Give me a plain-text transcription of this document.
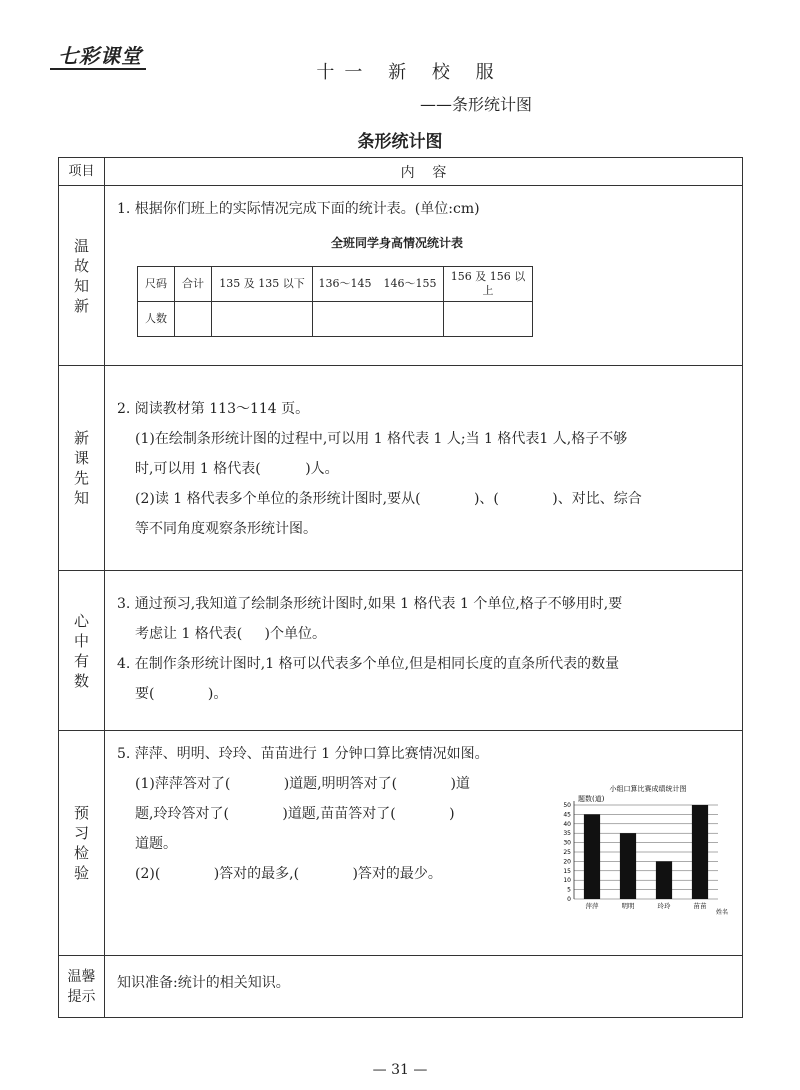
七彩课堂
十一 新 校 服
——条形统计图
条形统计图
项目	内    容
温故知新	
1. 根据你们班上的实际情况完成下面的统计表。(单位:cm)
全班同学身高情况统计表
尺码	合计	135 及 135 以下	136～145	146～155	156 及 156 以上
人数				

新课先知	
2. 阅读教材第 113～114 页。
(1)在绘制条形统计图的过程中,可以用 1 格代表 1 人;当 1 格代表1 人,格子不够
时,可以用 1 格代表(          )人。
(2)读 1 格代表多个单位的条形统计图时,要从(            )、(            )、对比、综合
等不同角度观察条形统计图。

心中有数	
3. 通过预习,我知道了绘制条形统计图时,如果 1 格代表 1 个单位,格子不够用时,要
考虑让 1 格代表(     )个单位。
4. 在制作条形统计图时,1 格可以代表多个单位,但是相同长度的直条所代表的数量
要(            )。

预习检验	
5. 萍萍、明明、玲玲、苗苗进行 1 分钟口算比赛情况如图。
(1)萍萍答对了(            )道题,明明答对了(            )道
题,玲玲答对了(            )道题,苗苗答对了(            )
道题。
(2)(            )答对的最多,(            )答对的最少。
小组口算比赛成绩统计图
题数(道)
姓名
0
5
10
15
20
25
30
35
40
45
50
萍萍	明明	玲玲	苗苗

温馨提示	知识准备:统计的相关知识。
— 31 —
